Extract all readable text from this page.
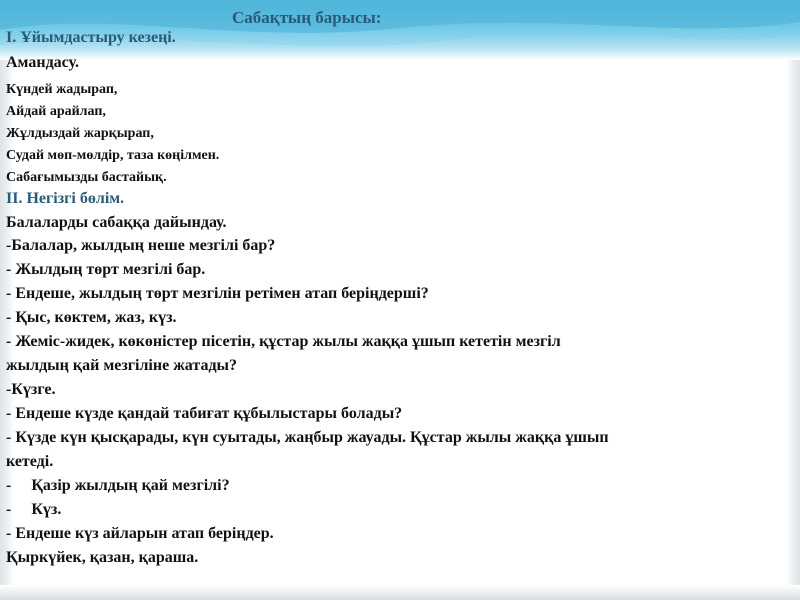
Сабақтың барысы:
I. Ұйымдастыру кезеңі.
Амандасу.
Күндей жадырап,
Айдай арайлап,
Жұлдыздай жарқырап,
Судай мөп-мөлдір, таза көңілмен.
Сабағымызды бастайық.
II. Негізгі бөлім.
Балаларды сабаққа дайындау.
-Балалар, жылдың неше мезгілі бар?
- Жылдың төрт мезгілі бар.
- Ендеше, жылдың төрт мезгілін ретімен атап беріңдерші?
- Қыс, көктем, жаз, күз.
- Жеміс-жидек, көкөністер пісетін, құстар жылы жаққа ұшып кететін мезгіл
жылдың қай мезгіліне жатады?
-Күзге.
- Ендеше күзде қандай табиғат құбылыстары болады?
- Күзде күн қысқарады, күн суытады, жаңбыр жауады. Құстар жылы жаққа ұшып
кетеді.
-     Қазір жылдың қай мезгілі?
-     Күз.
- Ендеше күз айларын атап беріңдер.
Қыркүйек, қазан, қараша.
